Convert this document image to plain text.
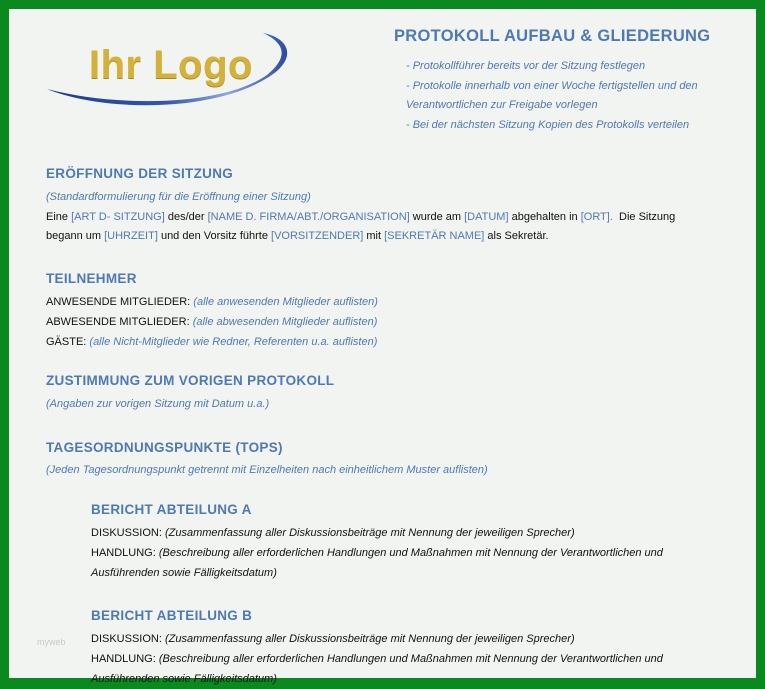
Ihr Logo
PROTOKOLL AUFBAU & GLIEDERUNG
- Protokollführer bereits vor der Sitzung festlegen
- Protokolle innerhalb von einer Woche fertigstellen und den
Verantwortlichen zur Freigabe vorlegen
- Bei der nächsten Sitzung Kopien des Protokolls verteilen
ERÖFFNUNG DER SITZUNG
(Standardformulierung für die Eröffnung einer Sitzung)
Eine [ART D- SITZUNG] des/der [NAME D. FIRMA/ABT./ORGANISATION] wurde am [DATUM] abgehalten in [ORT].  Die Sitzung
begann um [UHRZEIT] und den Vorsitz führte [VORSITZENDER] mit [SEKRETÄR NAME] als Sekretär.
TEILNEHMER
ANWESENDE MITGLIEDER: (alle anwesenden Mitglieder auflisten)
ABWESENDE MITGLIEDER: (alle abwesenden Mitglieder auflisten)
GÄSTE: (alle Nicht-Mitglieder wie Redner, Referenten u.a. auflisten)
ZUSTIMMUNG ZUM VORIGEN PROTOKOLL
(Angaben zur vorigen Sitzung mit Datum u.a.)
TAGESORDNUNGSPUNKTE (TOPS)
(Jeden Tagesordnungspunkt getrennt mit Einzelheiten nach einheitlichem Muster auflisten)
BERICHT ABTEILUNG A
DISKUSSION: (Zusammenfassung aller Diskussionsbeiträge mit Nennung der jeweiligen Sprecher)
HANDLUNG: (Beschreibung aller erforderlichen Handlungen und Maßnahmen mit Nennung der Verantwortlichen und
Ausführenden sowie Fälligkeitsdatum)
BERICHT ABTEILUNG B
DISKUSSION: (Zusammenfassung aller Diskussionsbeiträge mit Nennung der jeweiligen Sprecher)
HANDLUNG: (Beschreibung aller erforderlichen Handlungen und Maßnahmen mit Nennung der Verantwortlichen und
Ausführenden sowie Fälligkeitsdatum)
myweb
